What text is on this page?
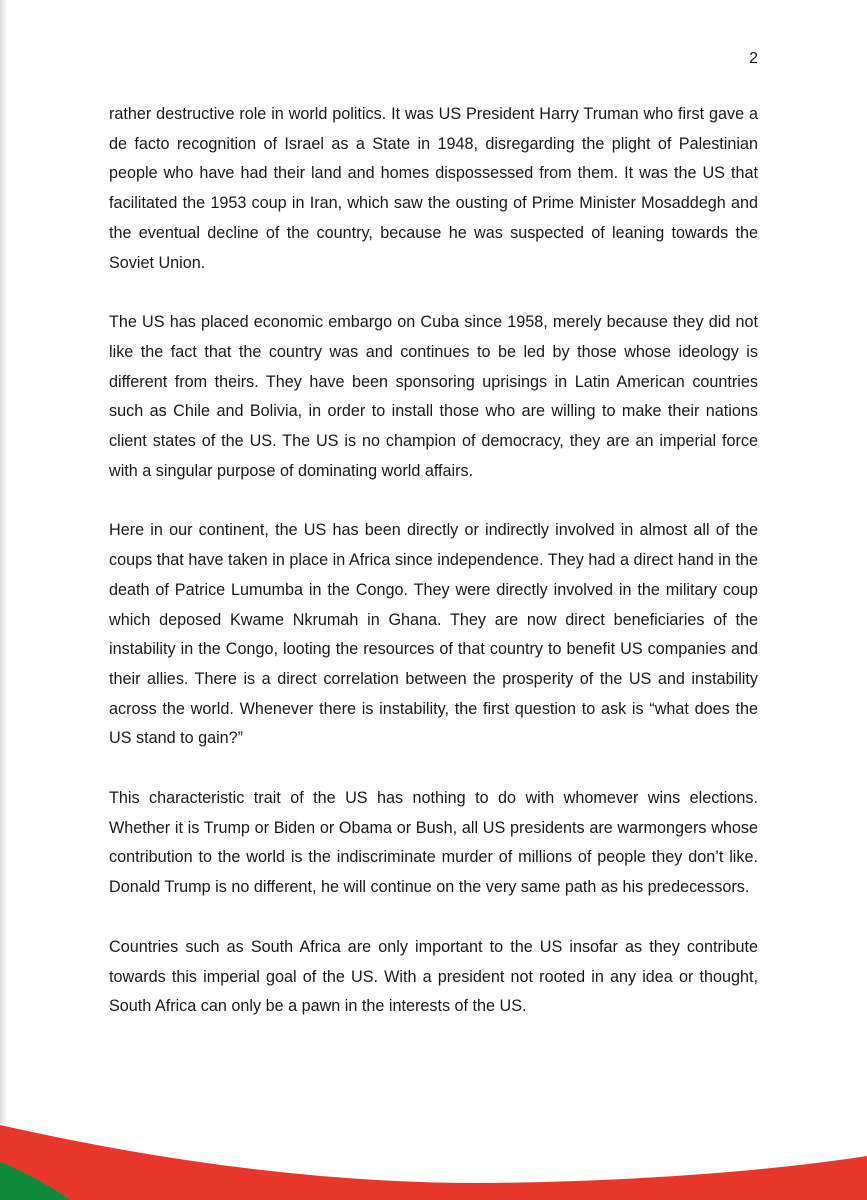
2

rather destructive role in world politics. It was US President Harry Truman who first gave a de facto recognition of Israel as a State in 1948, disregarding the plight of Palestinian people who have had their land and homes dispossessed from them. It was the US that facilitated the 1953 coup in Iran, which saw the ousting of Prime Minister Mosaddegh and the eventual decline of the country, because he was suspected of leaning towards the Soviet Union.

The US has placed economic embargo on Cuba since 1958, merely because they did not like the fact that the country was and continues to be led by those whose ideology is different from theirs. They have been sponsoring uprisings in Latin American countries such as Chile and Bolivia, in order to install those who are willing to make their nations client states of the US. The US is no champion of democracy, they are an imperial force with a singular purpose of dominating world affairs.

Here in our continent, the US has been directly or indirectly involved in almost all of the coups that have taken in place in Africa since independence. They had a direct hand in the death of Patrice Lumumba in the Congo. They were directly involved in the military coup which deposed Kwame Nkrumah in Ghana. They are now direct beneficiaries of the instability in the Congo, looting the resources of that country to benefit US companies and their allies. There is a direct correlation between the prosperity of the US and instability across the world. Whenever there is instability, the first question to ask is “what does the US stand to gain?”

This characteristic trait of the US has nothing to do with whomever wins elections. Whether it is Trump or Biden or Obama or Bush, all US presidents are warmongers whose contribution to the world is the indiscriminate murder of millions of people they don’t like. Donald Trump is no different, he will continue on the very same path as his predecessors.

Countries such as South Africa are only important to the US insofar as they contribute towards this imperial goal of the US. With a president not rooted in any idea or thought, South Africa can only be a pawn in the interests of the US.
